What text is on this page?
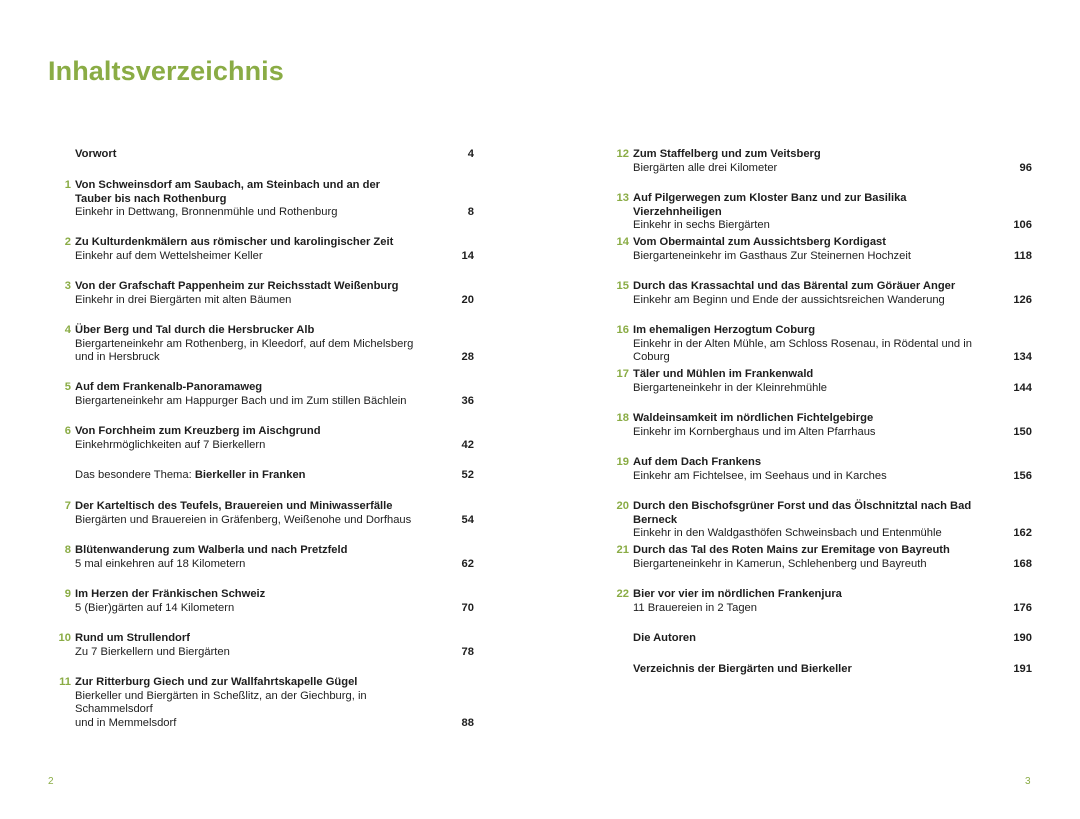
Inhaltsverzeichnis
Vorwort	4
1 Von Schweinsdorf am Saubach, am Steinbach und an der Tauber bis nach Rothenburg
Einkehr in Dettwang, Bronnenmühle und Rothenburg	8
2 Zu Kulturdenkmälern aus römischer und karolingischer Zeit
Einkehr auf dem Wettelsheimer Keller	14
3 Von der Grafschaft Pappenheim zur Reichsstadt Weißenburg
Einkehr in drei Biergärten mit alten Bäumen	20
4 Über Berg und Tal durch die Hersbrucker Alb
Biergarteneinkehr am Rothenberg, in Kleedorf, auf dem Michelsberg
und in Hersbruck	28
5 Auf dem Frankenalb-Panoramaweg
Biergarteneinkehr am Happurger Bach und im Zum stillen Bächlein	36
6 Von Forchheim zum Kreuzberg im Aischgrund
Einkehrmöglichkeiten auf 7 Bierkellern	42
Das besondere Thema: Bierkeller in Franken	52
7 Der Karteltisch des Teufels, Brauereien und Miniwasserfälle
Biergärten und Brauereien in Gräfenberg, Weißenohe und Dorfhaus	54
8 Blütenwanderung zum Walberla und nach Pretzfeld
5 mal einkehren auf 18 Kilometern	62
9 Im Herzen der Fränkischen Schweiz
5 (Bier)gärten auf 14 Kilometern	70
10 Rund um Strullendorf
Zu 7 Bierkellern und Biergärten	78
11 Zur Ritterburg Giech und zur Wallfahrtskapelle Gügel
Bierkeller und Biergärten in Scheßlitz, an der Giechburg, in Schammelsdorf
und in Memmelsdorf	88
12 Zum Staffelberg und zum Veitsberg
Biergärten alle drei Kilometer	96
13 Auf Pilgerwegen zum Kloster Banz und zur Basilika Vierzehnheiligen
Einkehr in sechs Biergärten	106
14 Vom Obermaintal zum Aussichtsberg Kordigast
Biergarteneinkehr im Gasthaus Zur Steinernen Hochzeit	118
15 Durch das Krassachtal und das Bärental zum Göräuer Anger
Einkehr am Beginn und Ende der aussichtsreichen Wanderung	126
16 Im ehemaligen Herzogtum Coburg
Einkehr in der Alten Mühle, am Schloss Rosenau, in Rödental und in Coburg	134
17 Täler und Mühlen im Frankenwald
Biergarteneinkehr in der Kleinrehmühle	144
18 Waldeinsamkeit im nördlichen Fichtelgebirge
Einkehr im Kornberghaus und im Alten Pfarrhaus	150
19 Auf dem Dach Frankens
Einkehr am Fichtelsee, im Seehaus und in Karches	156
20 Durch den Bischofsgrüner Forst und das Ölschnitztal nach Bad Berneck
Einkehr in den Waldgasthöfen Schweinsbach und Entenmühle	162
21 Durch das Tal des Roten Mains zur Eremitage von Bayreuth
Biergarteneinkehr in Kamerun, Schlehenberg und Bayreuth	168
22 Bier vor vier im nördlichen Frankenjura
11 Brauereien in 2 Tagen	176
Die Autoren	190
Verzeichnis der Biergärten und Bierkeller	191
2	3
